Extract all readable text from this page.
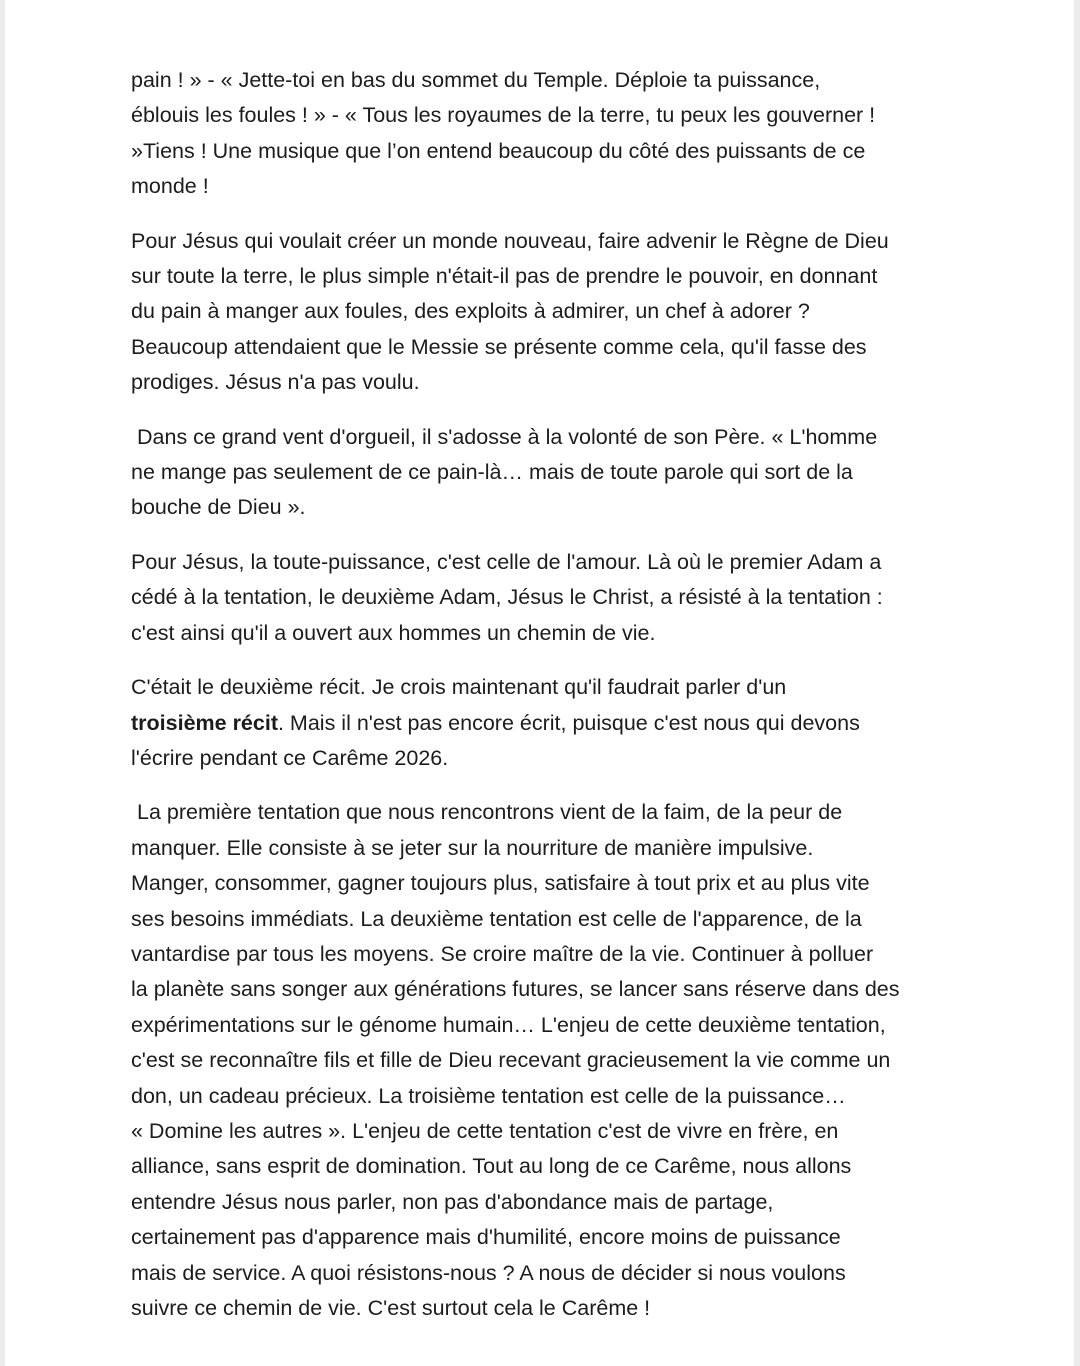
pain ! » - « Jette-toi en bas du sommet du Temple. Déploie ta puissance,
éblouis les foules ! » - « Tous les royaumes de la terre, tu peux les gouverner !
»Tiens ! Une musique que l’on entend beaucoup du côté des puissants de ce
monde !

Pour Jésus qui voulait créer un monde nouveau, faire advenir le Règne de Dieu
sur toute la terre, le plus simple n'était-il pas de prendre le pouvoir, en donnant
du pain à manger aux foules, des exploits à admirer, un chef à adorer ?
Beaucoup attendaient que le Messie se présente comme cela, qu'il fasse des
prodiges. Jésus n'a pas voulu.

Dans ce grand vent d'orgueil, il s'adosse à la volonté de son Père. « L'homme
ne mange pas seulement de ce pain-là… mais de toute parole qui sort de la
bouche de Dieu ».

Pour Jésus, la toute-puissance, c'est celle de l'amour. Là où le premier Adam a
cédé à la tentation, le deuxième Adam, Jésus le Christ, a résisté à la tentation :
c'est ainsi qu'il a ouvert aux hommes un chemin de vie.

C'était le deuxième récit. Je crois maintenant qu'il faudrait parler d'un
troisième récit. Mais il n'est pas encore écrit, puisque c'est nous qui devons
l'écrire pendant ce Carême 2026.

La première tentation que nous rencontrons vient de la faim, de la peur de
manquer. Elle consiste à se jeter sur la nourriture de manière impulsive.
Manger, consommer, gagner toujours plus, satisfaire à tout prix et au plus vite
ses besoins immédiats. La deuxième tentation est celle de l'apparence, de la
vantardise par tous les moyens. Se croire maître de la vie. Continuer à polluer
la planète sans songer aux générations futures, se lancer sans réserve dans des
expérimentations sur le génome humain… L'enjeu de cette deuxième tentation,
c'est se reconnaître fils et fille de Dieu recevant gracieusement la vie comme un
don, un cadeau précieux. La troisième tentation est celle de la puissance…
« Domine les autres ». L'enjeu de cette tentation c'est de vivre en frère, en
alliance, sans esprit de domination. Tout au long de ce Carême, nous allons
entendre Jésus nous parler, non pas d'abondance mais de partage,
certainement pas d'apparence mais d'humilité, encore moins de puissance
mais de service. A quoi résistons-nous ? A nous de décider si nous voulons
suivre ce chemin de vie. C'est surtout cela le Carême !
